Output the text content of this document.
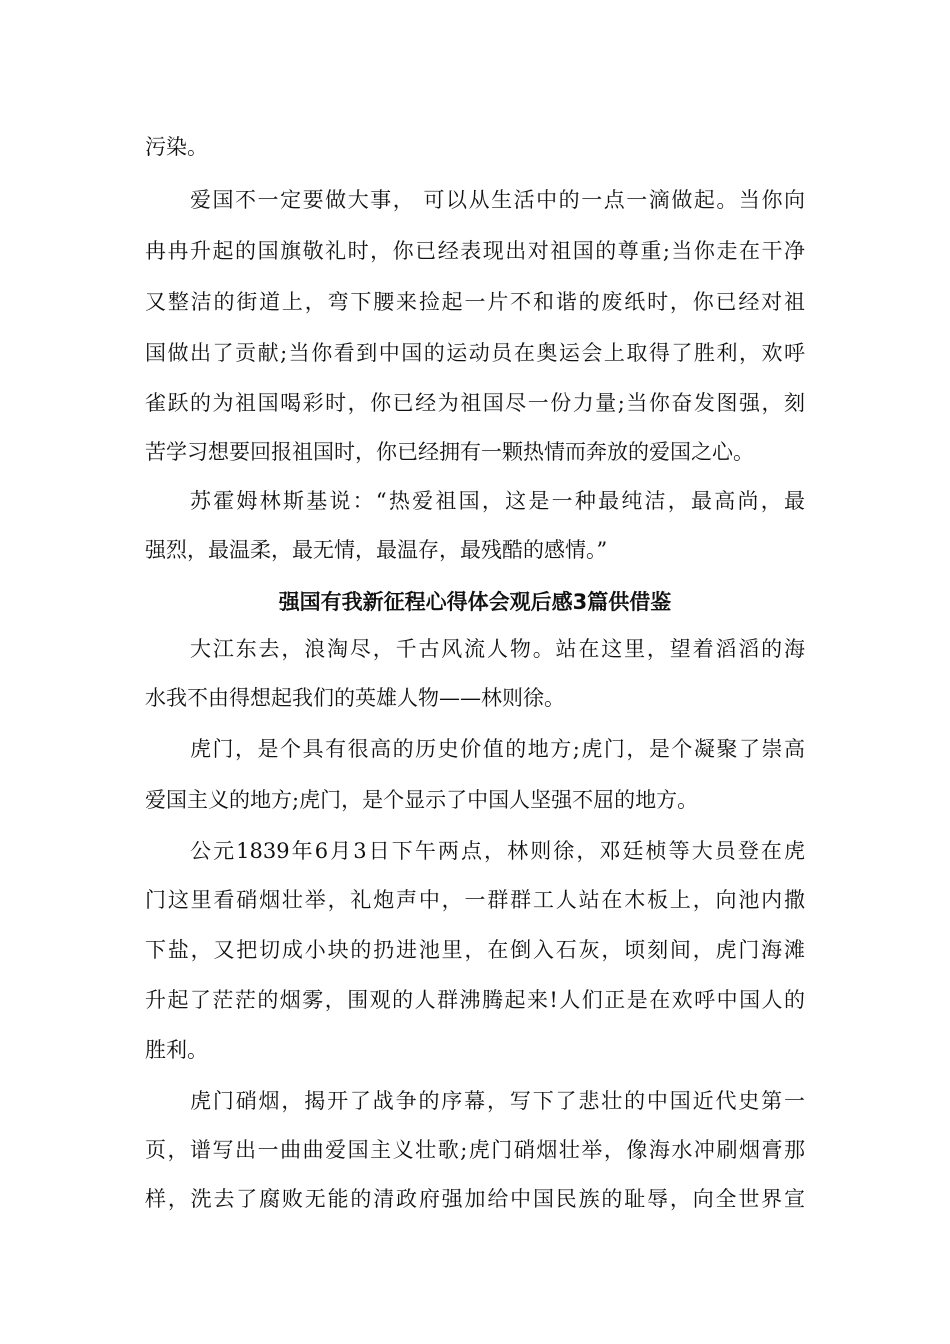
污染。
爱国不一定要做大事， 可以从生活中的一点一滴做起。当你向
冉冉升起的国旗敬礼时，你已经表现出对祖国的尊重;当你走在干净
又整洁的街道上，弯下腰来捡起一片不和谐的废纸时，你已经对祖
国做出了贡献;当你看到中国的运动员在奥运会上取得了胜利，欢呼
雀跃的为祖国喝彩时，你已经为祖国尽一份力量;当你奋发图强，刻
苦学习想要回报祖国时，你已经拥有一颗热情而奔放的爱国之心。
苏霍姆林斯基说：“热爱祖国，这是一种最纯洁，最高尚，最
强烈，最温柔，最无情，最温存，最残酷的感情。”
强国有我新征程心得体会观后感3篇供借鉴
大江东去，浪淘尽，千古风流人物。站在这里，望着滔滔的海
水我不由得想起我们的英雄人物——林则徐。
虎门，是个具有很高的历史价值的地方;虎门，是个凝聚了崇高
爱国主义的地方;虎门，是个显示了中国人坚强不屈的地方。
公元1839年6月3日下午两点，林则徐，邓廷桢等大员登在虎
门这里看硝烟壮举，礼炮声中，一群群工人站在木板上，向池内撒
下盐，又把切成小块的扔进池里，在倒入石灰，顷刻间，虎门海滩
升起了茫茫的烟雾，围观的人群沸腾起来!人们正是在欢呼中国人的
胜利。
虎门硝烟，揭开了战争的序幕，写下了悲壮的中国近代史第一
页，谱写出一曲曲爱国主义壮歌;虎门硝烟壮举，像海水冲刷烟膏那
样，洗去了腐败无能的清政府强加给中国民族的耻辱，向全世界宣
